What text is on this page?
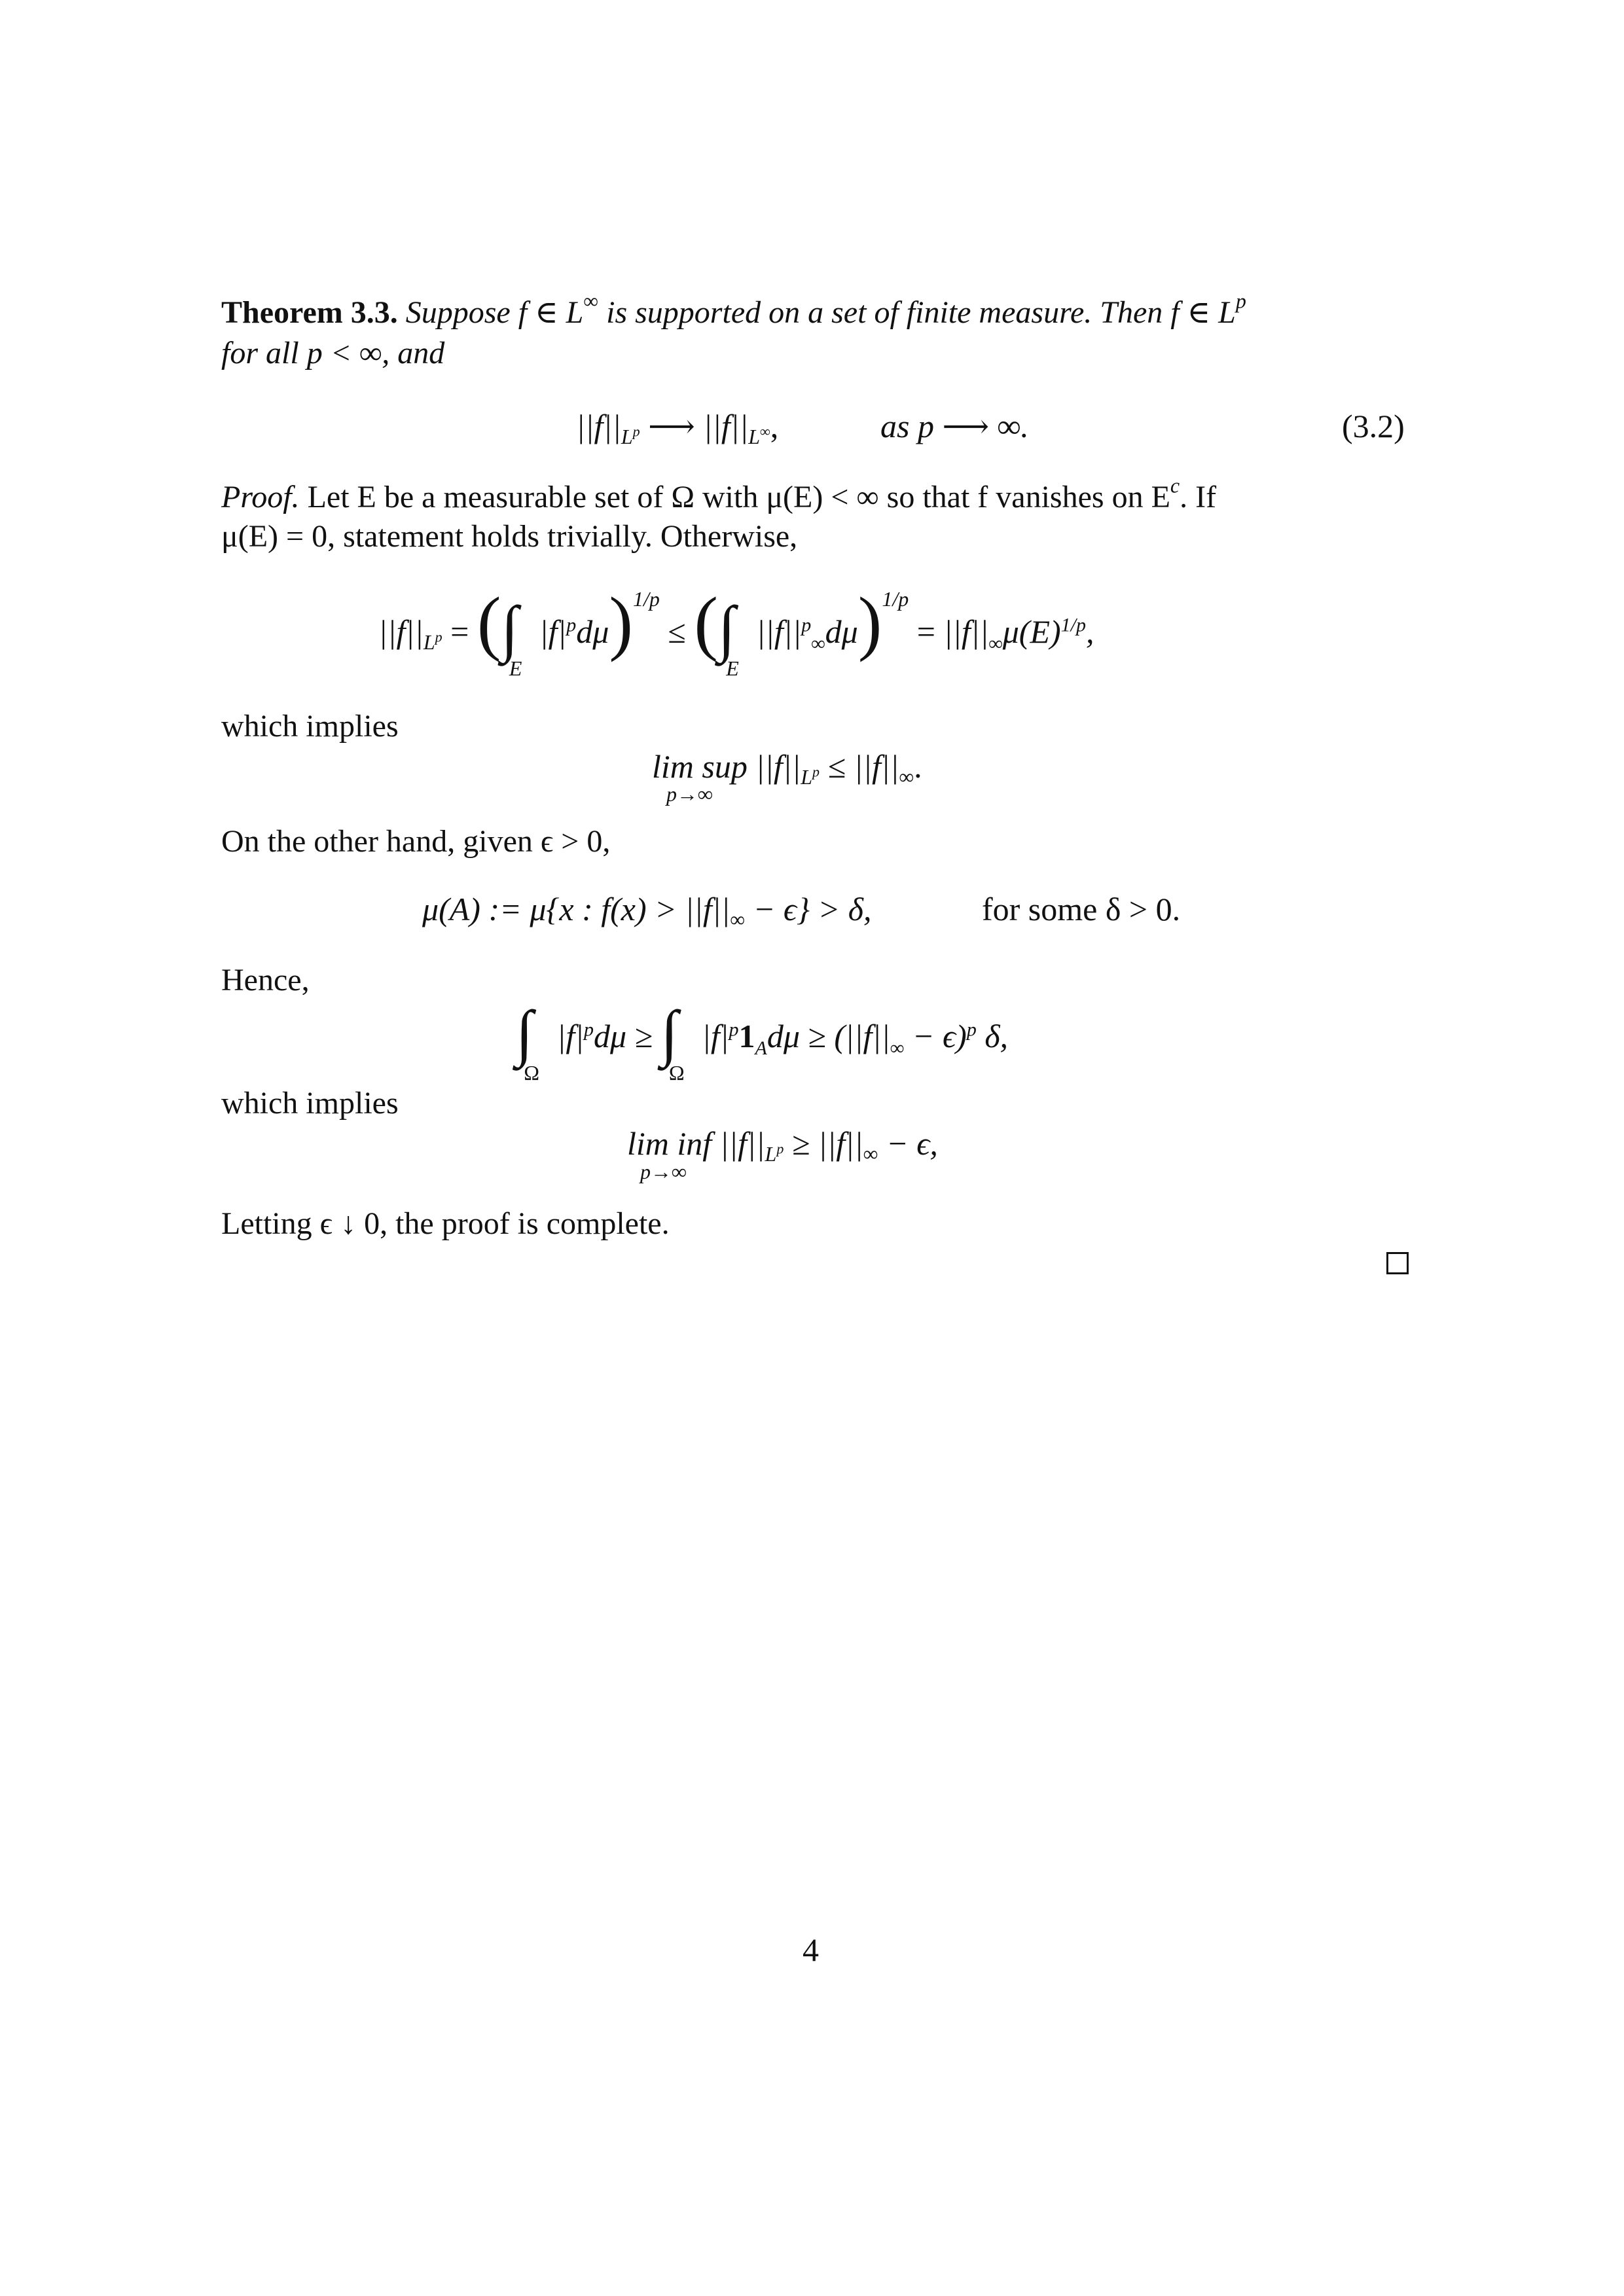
Theorem 3.3. Suppose f ∈ L∞ is supported on a set of finite measure. Then f ∈ $L^p$
for all p < ∞, and
$||f||_{L^p}$ ⟶ $||f||_{L^\infty}$,	as p ⟶ ∞.	(3.2)
Proof. Let E be a measurable set of Ω with μ(E) < ∞ so that f vanishes on $E^c$. If
μ(E) = 0, statement holds trivially. Otherwise,
$||f||_{L^p} = (\int_E$ $|f|^pd\mu)^{1/p} \le (\int_E$ $||f||^p_\infty d\mu)^{1/p} = ||f||_\infty\mu(E)^{1/p}$,
which implies
lim sup $||f||_{L^p} \le ||f||_\infty$.
p→∞
On the other hand, given ϵ > 0,
μ(A) := μ{x : $f(x) > ||f||_\infty - \epsilon\} > \delta$,	for some δ > 0.
Hence,
$\int_\Omega$ $|f|^pd\mu \ge \int_\Omega$ $|f|^p1_Ad\mu \ge (||f||_\infty - \epsilon)^p$ δ,
which implies
lim inf $||f||_{L^p} \ge ||f||_\infty - \epsilon$,
p→∞
Letting ϵ ↓ 0, the proof is complete.
4
